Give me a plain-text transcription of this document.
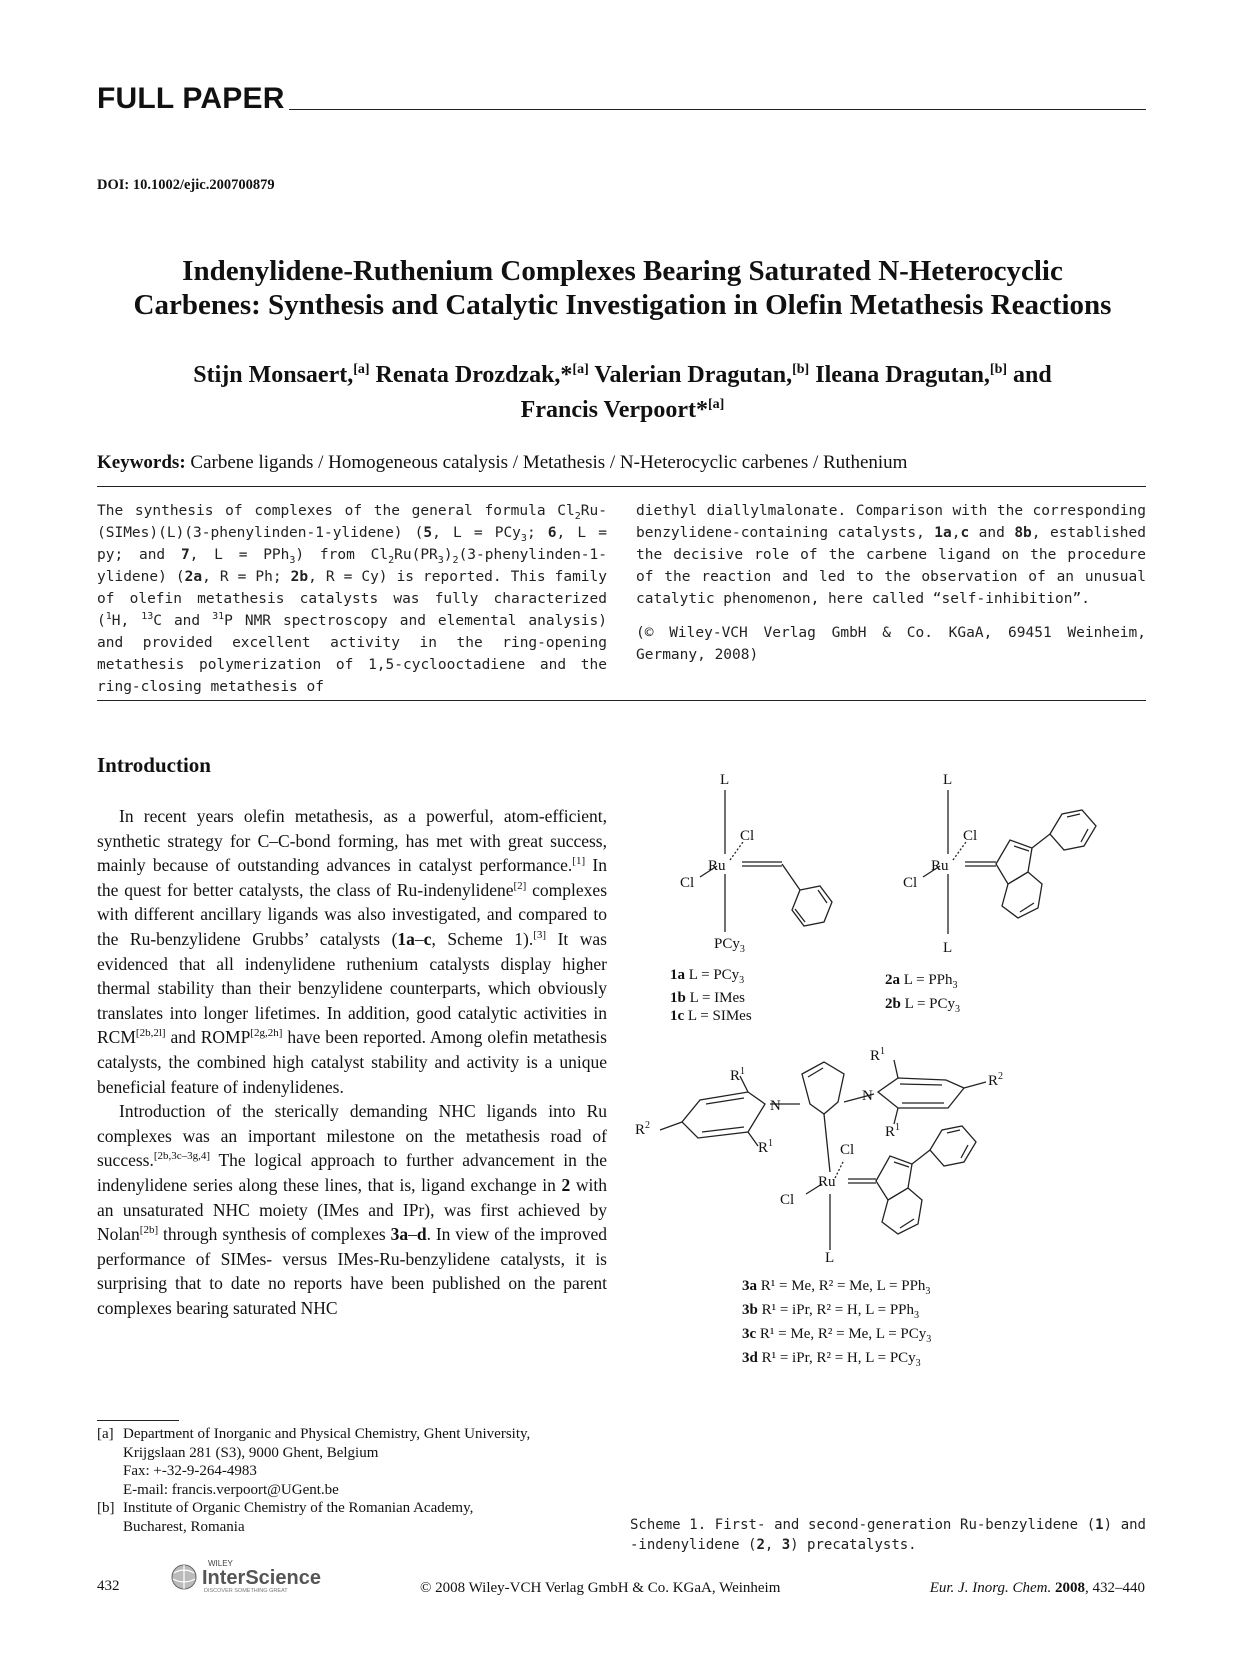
FULL PAPER
DOI: 10.1002/ejic.200700879
Indenylidene-Ruthenium Complexes Bearing Saturated N-Heterocyclic
Carbenes: Synthesis and Catalytic Investigation in Olefin Metathesis Reactions
Stijn Monsaert,[a] Renata Drozdzak,*[a] Valerian Dragutan,[b] Ileana Dragutan,[b] and
Francis Verpoort*[a]
Keywords: Carbene ligands / Homogeneous catalysis / Metathesis / N-Heterocyclic carbenes / Ruthenium

The synthesis of complexes of the general formula $Cl_2Ru-(SIMes)(L)(3-phenylinden-1-ylidene)$ (5, L = PCy$_3$; 6, L = py; and 7, L = PPh$_3$) from $Cl_2Ru(PR_3)_2(3-phenylinden-1-ylidene)$ (2a, R = Ph; 2b, R = Cy) is reported. This family of olefin metathesis catalysts was fully characterized ($^1$H, $^{13}$C and $^{31}$P NMR spectroscopy and elemental analysis) and provided excellent activity in the ring-opening metathesis polymerization of 1,5-cyclooctadiene and the ring-closing metathesis of

diethyl diallylmalonate. Comparison with the corresponding benzylidene-containing catalysts, 1a,c and 8b, established the decisive role of the carbene ligand on the procedure of the reaction and led to the observation of an unusual catalytic phenomenon, here called “self-inhibition”.

(© Wiley-VCH Verlag GmbH & Co. KGaA, 69451 Weinheim, Germany, 2008)

Introduction

In recent years olefin metathesis, as a powerful, atom-efficient, synthetic strategy for C–C-bond forming, has met with great success, mainly because of outstanding advances in catalyst performance.[1] In the quest for better catalysts, the class of Ru-indenylidene[2] complexes with different ancillary ligands was also investigated, and compared to the Ru-benzylidene Grubbs’ catalysts (1a–c, Scheme 1).[3] It was evidenced that all indenylidene ruthenium catalysts display higher thermal stability than their benzylidene counterparts, which obviously translates into longer lifetimes. In addition, good catalytic activities in RCM[2b,2l] and ROMP[2g,2h] have been reported. Among olefin metathesis catalysts, the combined high catalyst stability and activity is a unique beneficial feature of indenylidenes.

Introduction of the sterically demanding NHC ligands into Ru complexes was an important milestone on the metathesis road of success.[2b,3c–3g,4] The logical approach to further advancement in the indenylidene series along these lines, that is, ligand exchange in 2 with an unsaturated NHC moiety (IMes and IPr), was first achieved by Nolan[2b] through synthesis of complexes 3a–d. In view of the improved performance of SIMes- versus IMes-Ru-benzylidene catalysts, it is surprising that to date no reports have been published on the parent complexes bearing saturated NHC

[a] Department of Inorganic and Physical Chemistry, Ghent University,
Krijgslaan 281 (S3), 9000 Ghent, Belgium
Fax: +-32-9-264-4983
E-mail: francis.verpoort@UGent.be
[b] Institute of Organic Chemistry of the Romanian Academy,
Bucharest, Romania
L
Cl
Ru
Cl
PCy$_3$
L
Cl
Ru
Cl
L
1a L = PCy$_3$
1b L = IMes
1c L = SIMes
2a L = PPh$_3$
2b L = PCy$_3$
$R^1$
$R^1$
N
N
$R^2$
$R^2$
$R^1$
$R^1$
Cl
Ru
Cl
L
3a R¹ = Me, R² = Me, L = PPh$_3$
3b R¹ = iPr, R² = H, L = PPh$_3$
3c R¹ = Me, R² = Me, L = PCy$_3$
3d R¹ = iPr, R² = H, L = PCy$_3$
Scheme 1. First- and second-generation Ru-benzylidene (1) and -indenylidene (2, 3) precatalysts.
432
WILEY
InterScience
DISCOVER SOMETHING GREAT	© 2008 Wiley-VCH Verlag GmbH & Co. KGaA, Weinheim	Eur. J. Inorg. Chem. 2008, 432–440
